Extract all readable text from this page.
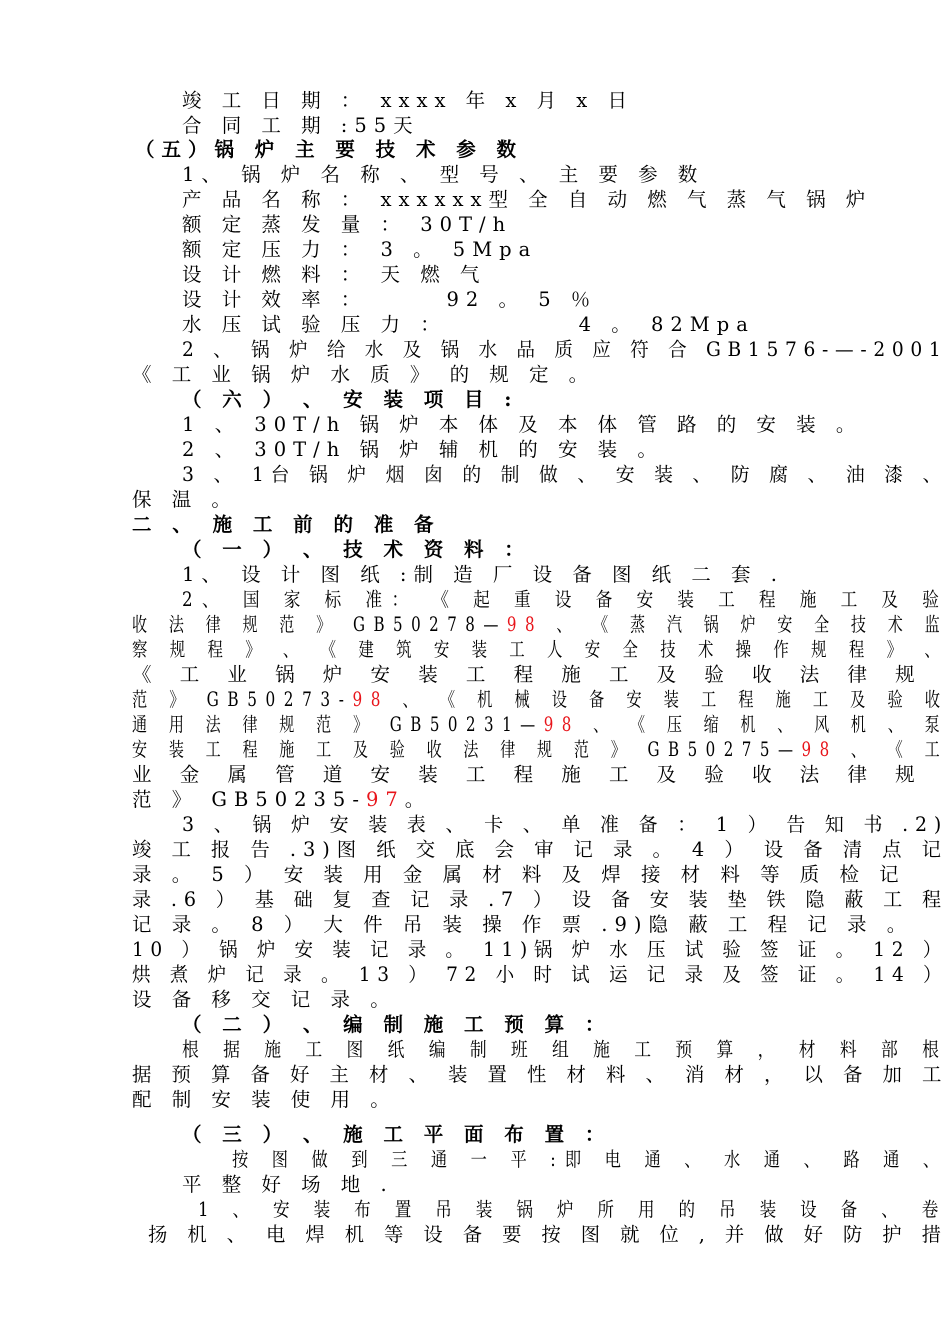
竣 工 日 期 ： xxxx 年 x 月 x 日
合 同 工 期 :55天
（五）锅 炉 主 要 技 术 参 数
1、 锅 炉 名 称 、 型 号 、 主 要 参 数
产 品 名 称 ： xxxxxx型 全 自 动 燃 气 蒸 气 锅 炉
额 定 蒸 发 量 ： 30T/h
额 定 压 力 ： 3 。 5Mpa
设 计 燃 料 ： 天 燃 气
设 计 效 率 ：      92 。 5 ％
水 压 试 验 压 力 ：          4 。 82Mpa
2 、 锅 炉 给 水 及 锅 水 品 质 应 符 合 GB1576-—-2001
《 工 业 锅 炉 水 质 》 的 规 定 。
（ 六 ） 、 安 装 项 目 :
1 、 30T/h 锅 炉 本 体 及 本 体 管 路 的 安 装 。
2 、 30T/h 锅 炉 辅 机 的 安 装 。
3 、 1台 锅 炉 烟 囱 的 制 做 、 安 装 、 防 腐 、 油 漆 、
保 温 。
二 、 施 工 前 的 准 备
（ 一 ） 、 技 术 资 料 ：
1、 设 计 图 纸 :制 造 厂 设 备 图 纸 二 套 .
2、 国 家 标 准： 《 起 重 设 备 安 装 工 程 施 工 及 验
收 法 律 规 范 》 GB50278—98 、 《 蒸 汽 锅 炉 安 全 技 术 监
察 规 程 》 、 《 建 筑 安 装 工 人 安 全 技 术 操 作 规 程 》 、
《 工 业 锅 炉 安 装 工 程 施 工 及 验 收 法 律 规
范 》 GB50273-98 、 《 机 械 设 备 安 装 工 程 施 工 及 验 收
通 用 法 律 规 范 》 GB50231—98 、 《 压 缩 机 、 风 机 、 泵
安 装 工 程 施 工 及 验 收 法 律 规 范 》 GB50275—98 、 《 工
业 金 属 管 道 安 装 工 程 施 工 及 验 收 法 律 规
范 》 GB50235-97。
3 、 锅 炉 安 装 表 、 卡 、 单 准 备 ： 1 ） 告 知 书 .2)
竣 工 报 告 .3)图 纸 交 底 会 审 记 录 。 4 ） 设 备 清 点 记
录 。 5 ） 安 装 用 金 属 材 料 及 焊 接 材 料 等 质 检 记
录 .6 ） 基 础 复 查 记 录 .7 ） 设 备 安 装 垫 铁 隐 蔽 工 程
记 录 。 8 ） 大 件 吊 装 操 作 票 .9)隐 蔽 工 程 记 录 。
10 ） 锅 炉 安 装 记 录 。 11)锅 炉 水 压 试 验 签 证 。 12 ）
烘 煮 炉 记 录 。 13 ） 72 小 时 试 运 记 录 及 签 证 。 14 ）
设 备 移 交 记 录 。
（ 二 ） 、 编 制 施 工 预 算 ：
根 据 施 工 图 纸 编 制 班 组 施 工 预 算 ， 材 料 部 根
据 预 算 备 好 主 材 、 装 置 性 材 料 、 消 材 ， 以 备 加 工
配 制 安 装 使 用 。
（ 三 ） 、 施 工 平 面 布 置 ：
按 图 做 到 三 通 一 平 :即 电 通 、 水 通 、 路 通 、
平 整 好 场 地 .
1 、 安 装 布 置 吊 装 锅 炉 所 用 的 吊 装 设 备 、 卷
扬 机 、 电 焊 机 等 设 备 要 按 图 就 位 , 并 做 好 防 护 措
